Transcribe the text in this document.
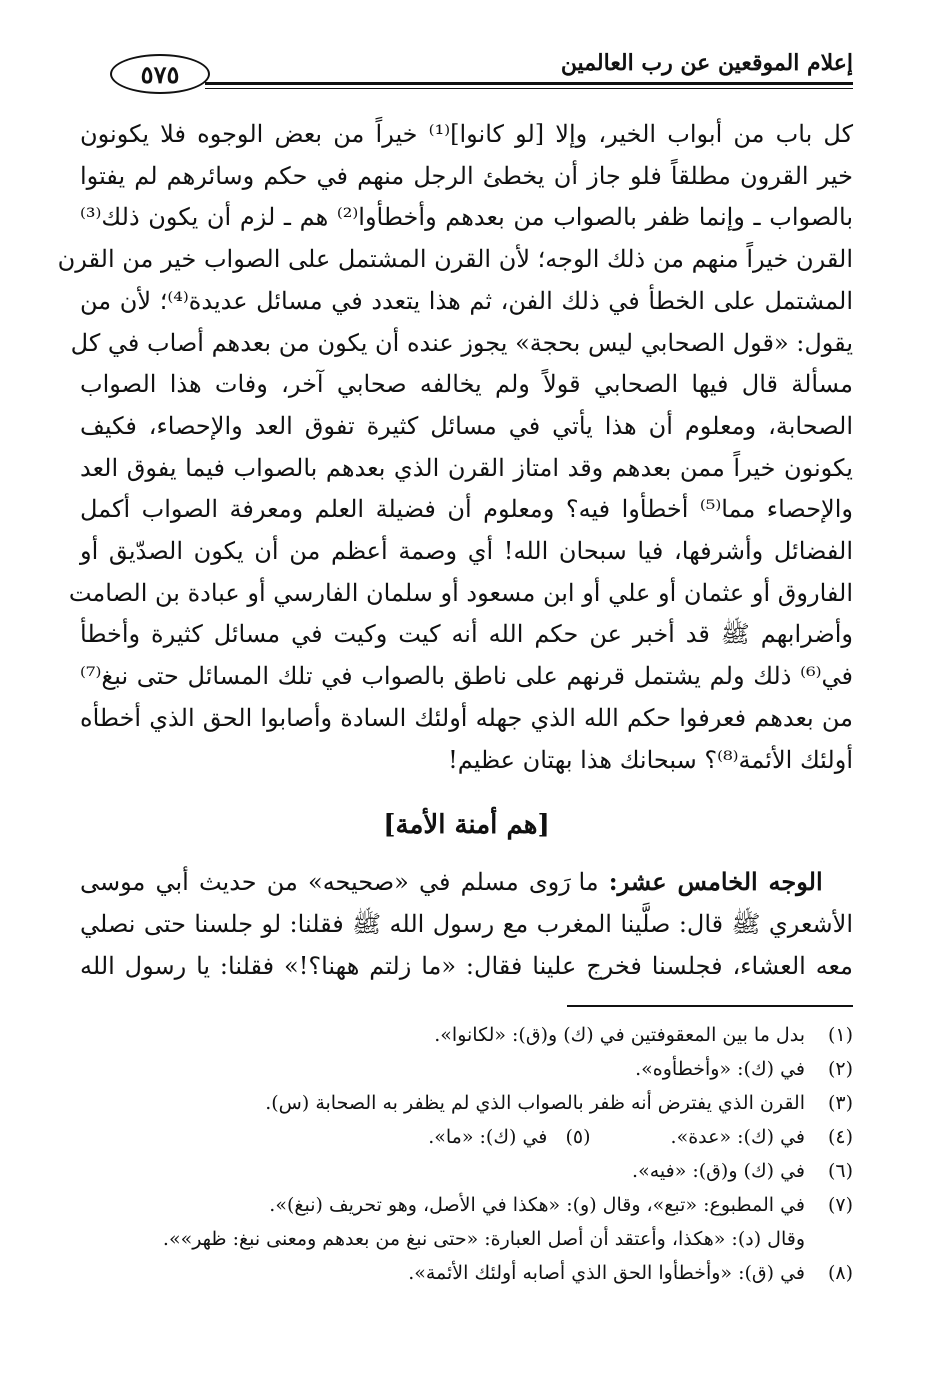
إعلام الموقعين عن رب العالمين
٥٧٥

كل باب من أبواب الخير، وإلا [لو كانوا]⁽¹⁾ خيراً من بعض الوجوه فلا يكونون
خير القرون مطلقاً فلو جاز أن يخطئ الرجل منهم في حكم وسائرهم لم يفتوا
بالصواب ـ وإنما ظفر بالصواب من بعدهم وأخطأوا⁽²⁾ هم ـ لزم أن يكون ذلك⁽³⁾
القرن خيراً منهم من ذلك الوجه؛ لأن القرن المشتمل على الصواب خير من القرن
المشتمل على الخطأ في ذلك الفن، ثم هذا يتعدد في مسائل عديدة⁽⁴⁾؛ لأن من
يقول: «قول الصحابي ليس بحجة» يجوز عنده أن يكون من بعدهم أصاب في كل
مسألة قال فيها الصحابي قولاً ولم يخالفه صحابي آخر، وفات هذا الصواب
الصحابة، ومعلوم أن هذا يأتي في مسائل كثيرة تفوق العد والإحصاء، فكيف
يكونون خيراً ممن بعدهم وقد امتاز القرن الذي بعدهم بالصواب فيما يفوق العد
والإحصاء مما⁽⁵⁾ أخطأوا فيه؟ ومعلوم أن فضيلة العلم ومعرفة الصواب أكمل
الفضائل وأشرفها، فيا سبحان الله! أي وصمة أعظم من أن يكون الصدّيق أو
الفاروق أو عثمان أو علي أو ابن مسعود أو سلمان الفارسي أو عبادة بن الصامت
وأضرابهم ﷺ قد أخبر عن حكم الله أنه كيت وكيت في مسائل كثيرة وأخطأ
في⁽⁶⁾ ذلك ولم يشتمل قرنهم على ناطق بالصواب في تلك المسائل حتى نبغ⁽⁷⁾
من بعدهم فعرفوا حكم الله الذي جهله أولئك السادة وأصابوا الحق الذي أخطأه
أولئك الأئمة⁽⁸⁾؟ سبحانك هذا بهتان عظيم!

[هم أمنة الأمة]

الوجه الخامس عشر: ما رَوى مسلم في «صحيحه» من حديث أبي موسى
الأشعري ﷺ قال: صلَّينا المغرب مع رسول الله ﷺ فقلنا: لو جلسنا حتى نصلي
معه العشاء، فجلسنا فخرج علينا فقال: «ما زلتم ههنا؟!» فقلنا: يا رسول الله

(١)
بدل ما بين المعقوفتين في (ك) و(ق): «لكانوا».
(٢)
في (ك): «وأخطأوه».
(٣)
القرن الذي يفترض أنه ظفر بالصواب الذي لم يظفر به الصحابة (س).
(٤)
في (ك): «عدة».
(٥)   في (ك): «ما».
(٦)
في (ك) و(ق): «فيه».
(٧)
في المطبوع: «تبع»، وقال (و): «هكذا في الأصل، وهو تحريف (نبغ)».
وقال (د): «هكذا، وأعتقد أن أصل العبارة: «حتى نبغ من بعدهم ومعنى نبغ: ظهر»».
(٨)
في (ق): «وأخطأوا الحق الذي أصابه أولئك الأئمة».
